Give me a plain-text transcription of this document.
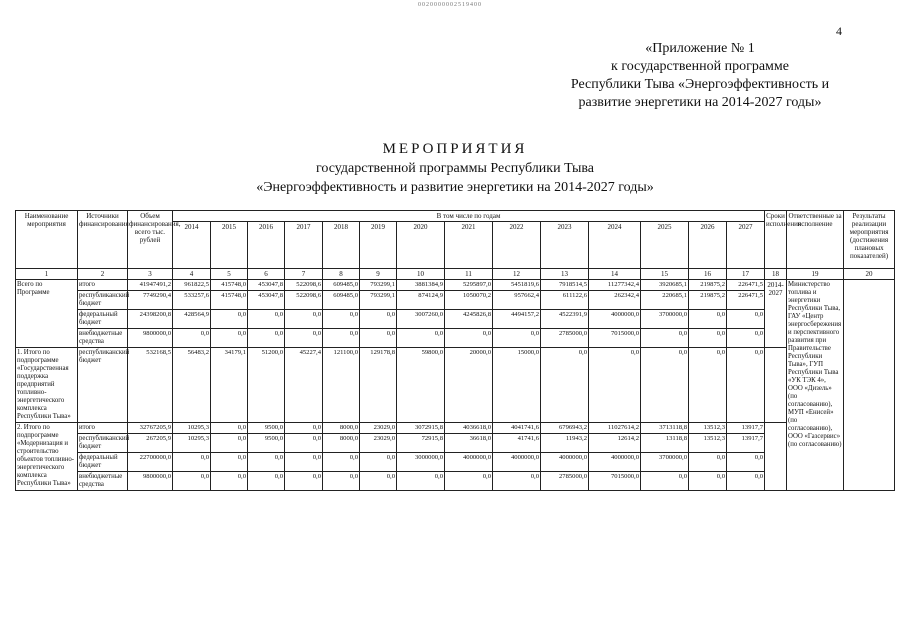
0020000002519400
4
«Приложение № 1
к государственной программе
Республики Тыва «Энергоэффективность и
развитие энергетики на 2014-2027 годы»
МЕРОПРИЯТИЯ
государственной программы Республики Тыва
«Энергоэффективность и развитие энергетики на 2014-2027 годы»
Наименование мероприятия	Источники финансирования	Объем финансирования, всего тыс. рублей	В том числе по годам														Сроки исполнения	Ответственные за исполнение	Результаты реализации мероприятия (достижения плановых показателей)
			2014	2015	2016	2017	2018	2019	2020	2021	2022	2023	2024	2025	2026	2027			
1	2	3	4	5	6	7	8	9	10	11	12	13	14	15	16	17	18	19	20
Всего по Программе	итого	41947491,2	961822,5	415748,0	453047,8	522098,6	609485,0	793299,1	3881384,9	5295897,0	5451819,6	7918514,5	11277342,4	3920685,1	219875,2	226471,5	2014-2027	Министерство топлива и энергетики Республики Тыва, ГАУ «Центр энергосбережения и перспективного развития при Правительстве Республики Тыва», ГУП Республики Тыва «УК ТЭК 4», ООО «Дизель» (по согласованию), МУП «Енисей» (по согласованию), ООО «Газсервис» (по согласованию)	
	республиканский бюджет	7749290,4	533257,6	415748,0	453047,8	522098,6	609485,0	793299,1	874124,9	1050070,2	957662,4	611122,6	262342,4	220685,1	219875,2	226471,5			
	федеральный бюджет	24398200,8	428564,9	0,0	0,0	0,0	0,0	0,0	3007260,0	4245826,8	4494157,2	4522391,9	4000000,0	3700000,0	0,0	0,0			
	внебюджетные средства	9800000,0	0,0	0,0	0,0	0,0	0,0	0,0	0,0	0,0	0,0	2785000,0	7015000,0	0,0	0,0	0,0			
1. Итого по подпрограмме «Государственная поддержка предприятий топливно-энергетического комплекса Республики Тыва»	республиканский бюджет	532168,5	56483,2	34179,1	51200,0	45227,4	121100,0	129178,8	59800,0	20000,0	15000,0	0,0	0,0	0,0	0,0	0,0			
2. Итого по подпрограмме «Модернизация и строительство объектов топливно-энергетического комплекса Республики Тыва»	итого	32767205,9	10295,3	0,0	9500,0	0,0	8000,0	23029,0	3072915,8	4036618,0	4041741,6	6796943,2	11027614,2	3713118,8	13512,3	13917,7			
	республиканский бюджет	267205,9	10295,3	0,0	9500,0	0,0	8000,0	23029,0	72915,8	36618,0	41741,6	11943,2	12614,2	13118,8	13512,3	13917,7			
	федеральный бюджет	22700000,0	0,0	0,0	0,0	0,0	0,0	0,0	3000000,0	4000000,0	4000000,0	4000000,0	4000000,0	3700000,0	0,0	0,0			
	внебюджетные средства	9800000,0	0,0	0,0	0,0	0,0	0,0	0,0	0,0	0,0	0,0	2785000,0	7015000,0	0,0	0,0	0,0			
